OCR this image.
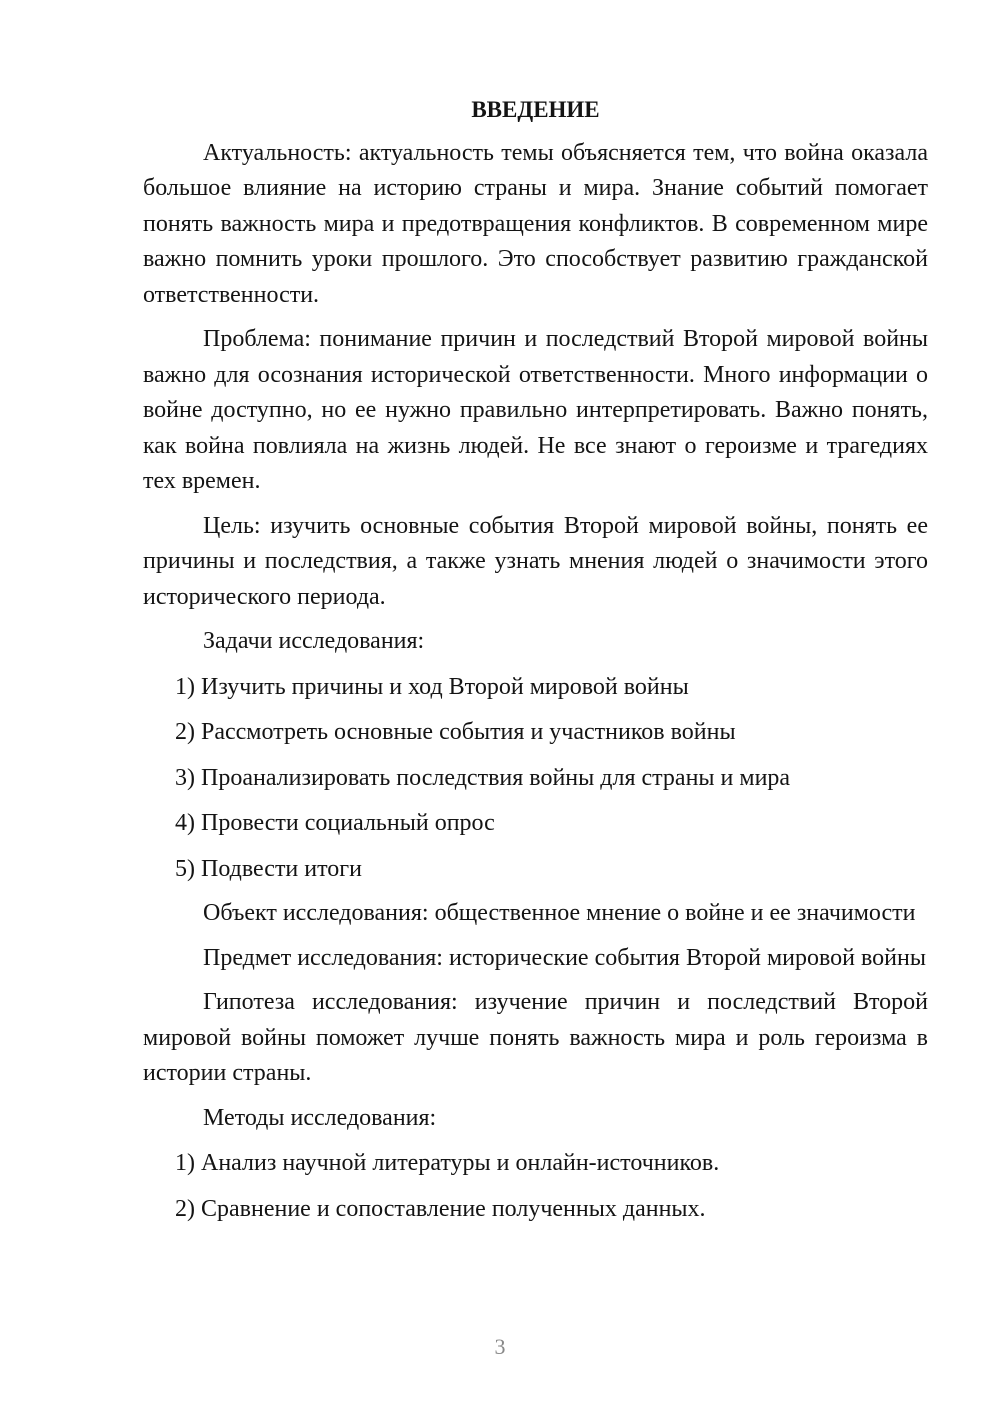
ВВЕДЕНИЕ

Актуальность: актуальность темы объясняется тем, что война оказала большое влияние на историю страны и мира. Знание событий помогает понять важность мира и предотвращения конфликтов. В современном мире важно помнить уроки прошлого. Это способствует развитию гражданской ответственности.

Проблема: понимание причин и последствий Второй мировой войны важно для осознания исторической ответственности. Много информации о войне доступно, но ее нужно правильно интерпретировать. Важно понять, как война повлияла на жизнь людей. Не все знают о героизме и трагедиях тех времен.

Цель: изучить основные события Второй мировой войны, понять ее причины и последствия, а также узнать мнения людей о значимости этого исторического периода.

Задачи исследования:

1) Изучить причины и ход Второй мировой войны

2) Рассмотреть основные события и участников войны

3) Проанализировать последствия войны для страны и мира

4) Провести социальный опрос

5) Подвести итоги

Объект исследования: общественное мнение о войне и ее значимости

Предмет исследования: исторические события Второй мировой войны

Гипотеза исследования: изучение причин и последствий Второй мировой войны поможет лучше понять важность мира и роль героизма в истории страны.

Методы исследования:

1) Анализ научной литературы и онлайн-источников.

2) Сравнение и сопоставление полученных данных.

3
